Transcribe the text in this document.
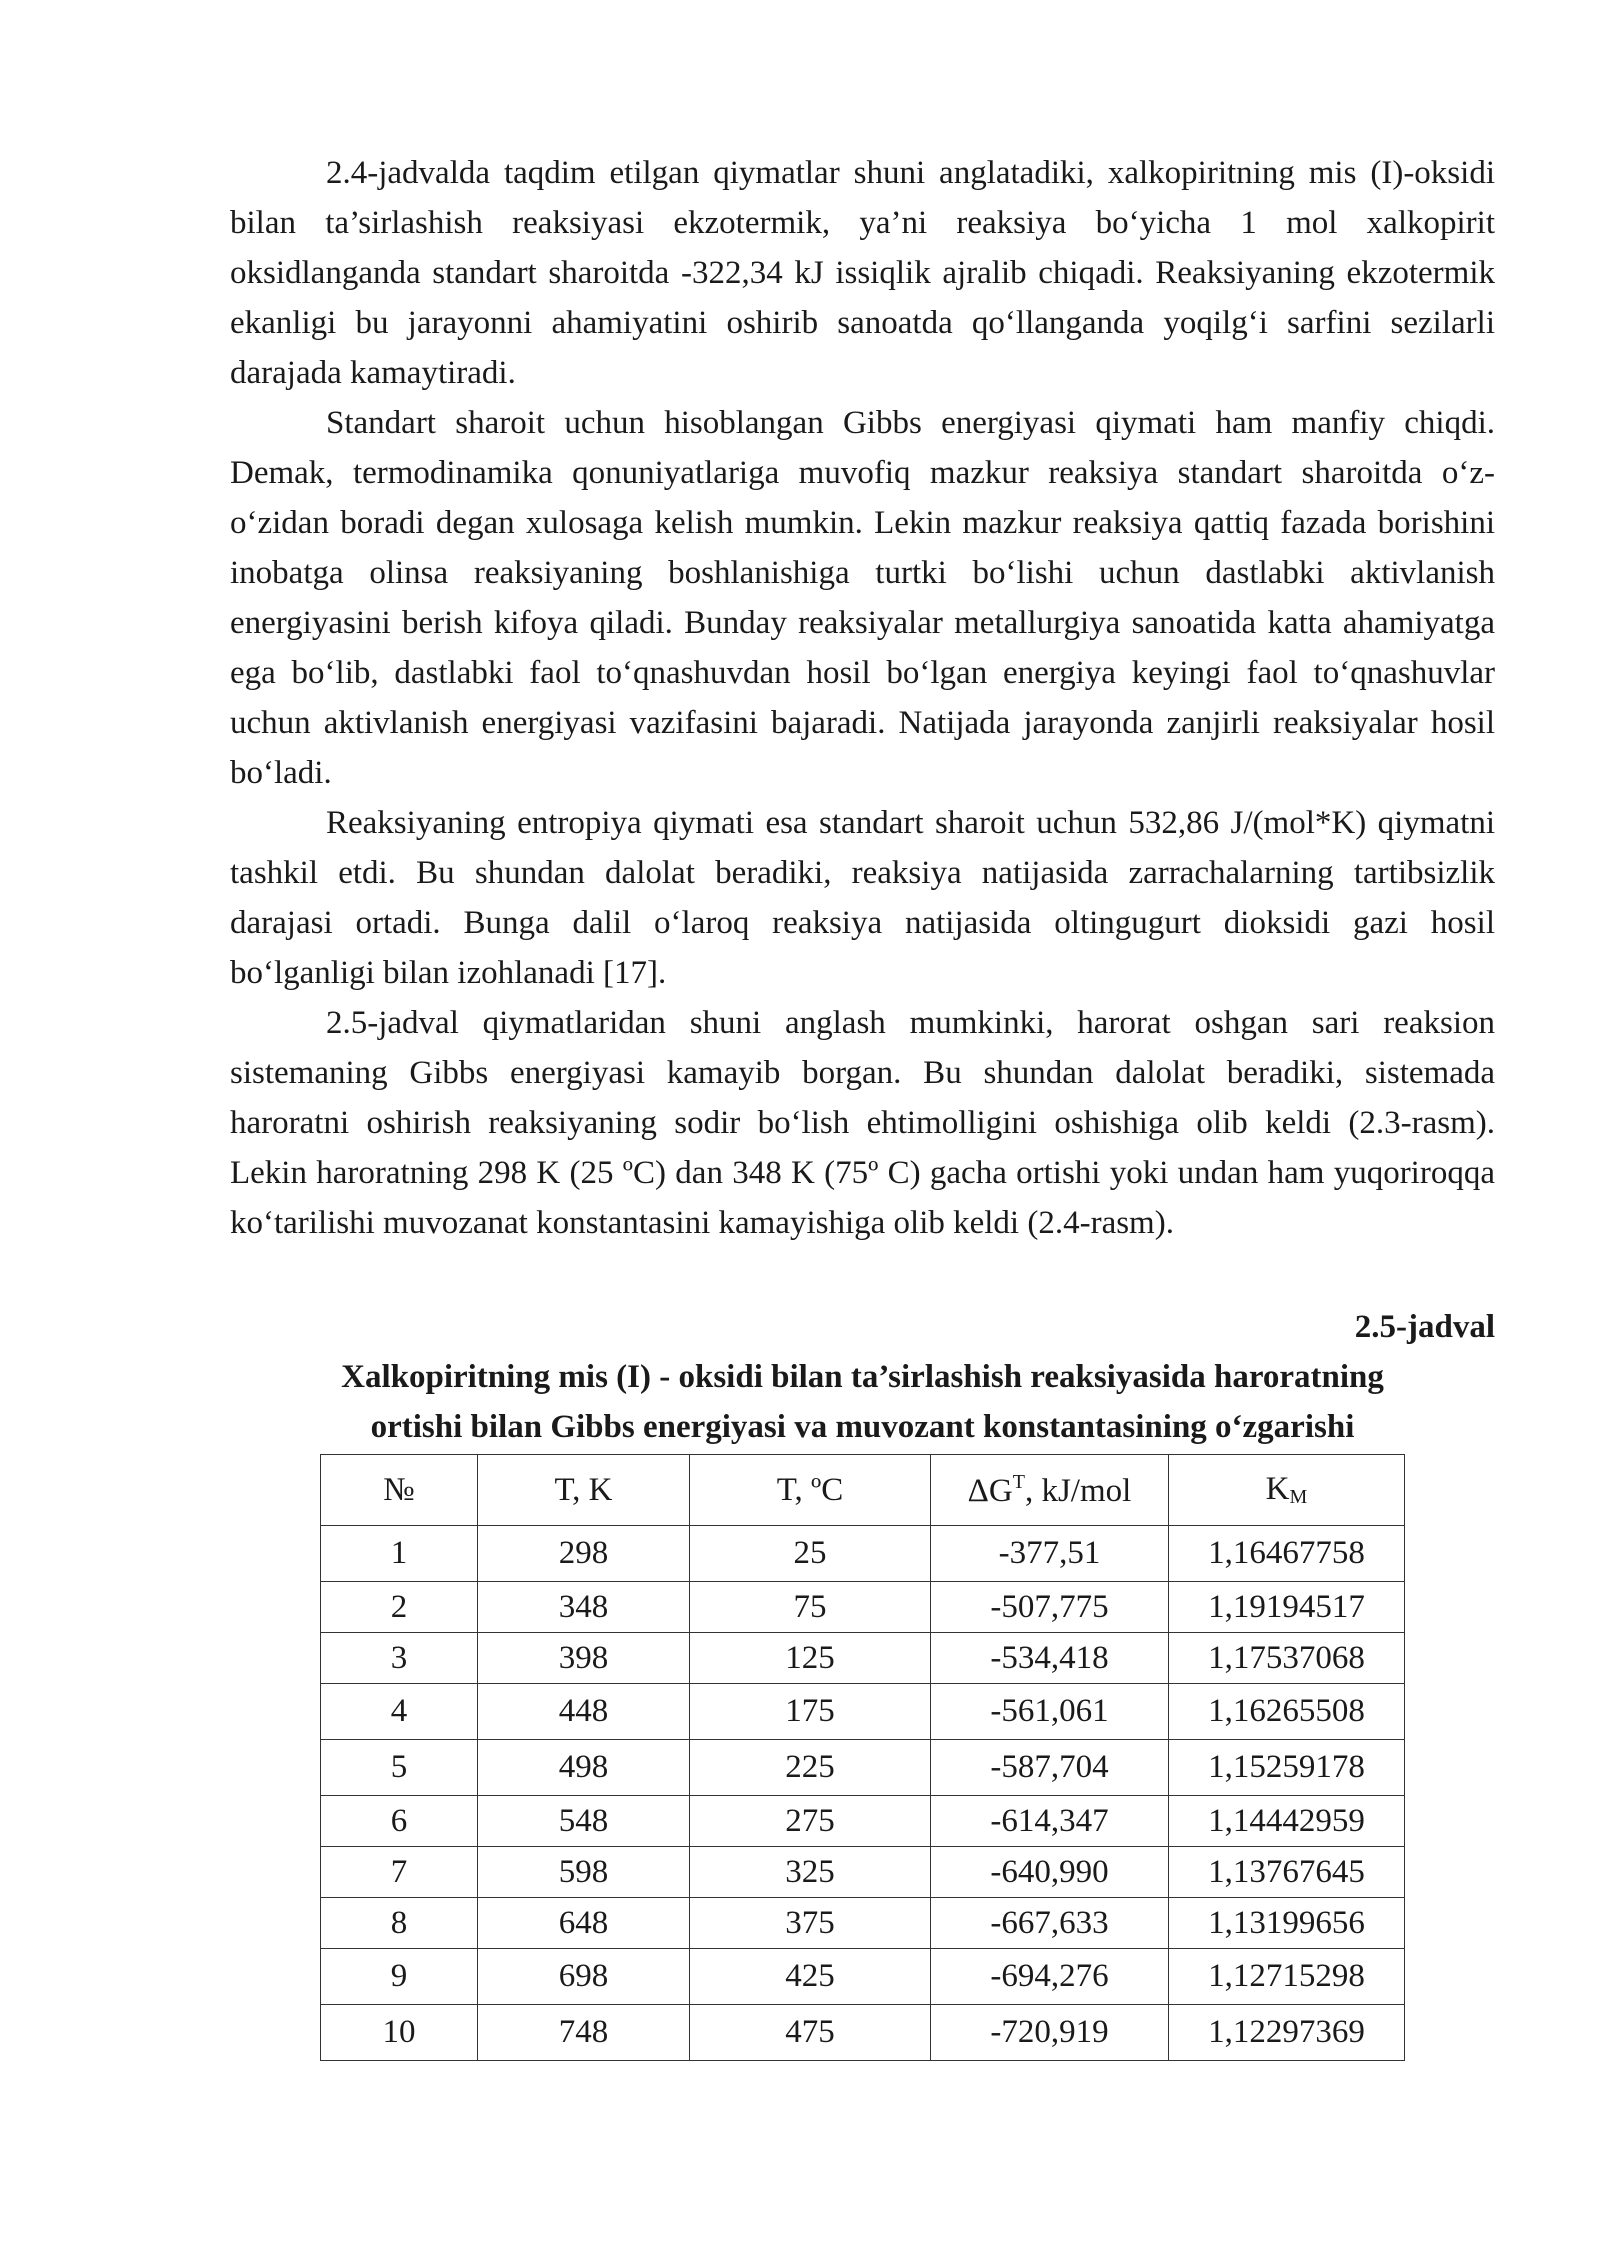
2.4-jadvalda taqdim etilgan qiymatlar shuni anglatadiki, xalkopiritning mis (I)-oksidi bilan ta’sirlashish reaksiyasi ekzotermik, ya’ni reaksiya bo‘yicha 1 mol xalkopirit oksidlanganda standart sharoitda -322,34 kJ issiqlik ajralib chiqadi. Reaksiyaning ekzotermik ekanligi bu jarayonni ahamiyatini oshirib sanoatda qo‘llanganda yoqilg‘i sarfini sezilarli darajada kamaytiradi.

Standart sharoit uchun hisoblangan Gibbs energiyasi qiymati ham manfiy chiqdi. Demak, termodinamika qonuniyatlariga muvofiq mazkur reaksiya standart sharoitda o‘z-o‘zidan boradi degan xulosaga kelish mumkin. Lekin mazkur reaksiya qattiq fazada borishini inobatga olinsa reaksiyaning boshlanishiga turtki bo‘lishi uchun dastlabki aktivlanish energiyasini berish kifoya qiladi. Bunday reaksiyalar metallurgiya sanoatida katta ahamiyatga ega bo‘lib, dastlabki faol to‘qnashuvdan hosil bo‘lgan energiya keyingi faol to‘qnashuvlar uchun aktivlanish energiyasi vazifasini bajaradi. Natijada jarayonda zanjirli reaksiyalar hosil bo‘ladi.

Reaksiyaning entropiya qiymati esa standart sharoit uchun 532,86 J/(mol*K) qiymatni tashkil etdi. Bu shundan dalolat beradiki, reaksiya natijasida zarrachalarning tartibsizlik darajasi ortadi. Bunga dalil o‘laroq reaksiya natijasida oltingugurt dioksidi gazi hosil bo‘lganligi bilan izohlanadi [17].

2.5-jadval qiymatlaridan shuni anglash mumkinki, harorat oshgan sari reaksion sistemaning Gibbs energiyasi kamayib borgan. Bu shundan dalolat beradiki, sistemada haroratni oshirish reaksiyaning sodir bo‘lish ehtimolligini oshishiga olib keldi (2.3-rasm). Lekin haroratning 298 K (25 ºC) dan 348 K (75º C) gacha ortishi yoki undan ham yuqoriroqqa ko‘tarilishi muvozanat konstantasini kamayishiga olib keldi (2.4-rasm).

2.5-jadval
Xalkopiritning mis (I) - oksidi bilan ta’sirlashish reaksiyasida haroratning
ortishi bilan Gibbs energiyasi va muvozant konstantasining o‘zgarishi
№	T, K	T, ºC	$\Delta G^T$, kJ/mol	$K_M$
1	298	25	-377,51	1,16467758
2	348	75	-507,775	1,19194517
3	398	125	-534,418	1,17537068
4	448	175	-561,061	1,16265508
5	498	225	-587,704	1,15259178
6	548	275	-614,347	1,14442959
7	598	325	-640,990	1,13767645
8	648	375	-667,633	1,13199656
9	698	425	-694,276	1,12715298
10	748	475	-720,919	1,12297369
